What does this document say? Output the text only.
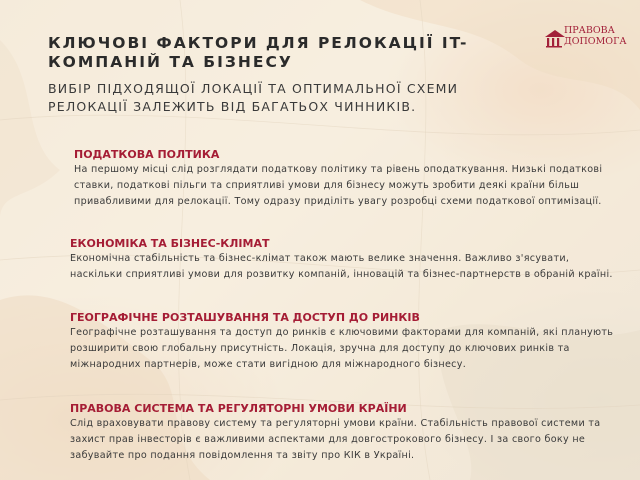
КЛЮЧОВІ ФАКТОРИ ДЛЯ РЕЛОКАЦІЇ IT-КОМПАНІЙ ТА БІЗНЕСУ

ВИБІР ПІДХОДЯЩОЇ ЛОКАЦІЇ ТА ОПТИМАЛЬНОЇ СХЕМИ РЕЛОКАЦІЇ ЗАЛЕЖИТЬ ВІД БАГАТЬОХ ЧИННИКІВ.

ПРАВОВА
ДОПОМОГА
ПОДАТКОВА ПОЛТИКА

На першому місці слід розглядати податкову політику та рівень оподаткування. Низькі податкові ставки, податкові пільги та сприятливі умови для бізнесу можуть зробити деякі країни більш привабливими для релокації. Тому одразу приділіть увагу розробці схеми податкової оптимізації.

ЕКОНОМІКА ТА БІЗНЕС-КЛІМАТ

Економічна стабільність та бізнес-клімат також мають велике значення. Важливо з'ясувати, наскільки сприятливі умови для розвитку компаній, інновацій та бізнес-партнерств в обраній країні.

ГЕОГРАФІЧНЕ РОЗТАШУВАННЯ ТА ДОСТУП ДО РИНКІВ

Географічне розташування та доступ до ринків є ключовими факторами для компаній, які планують розширити свою глобальну присутність. Локація, зручна для доступу до ключових ринків та міжнародних партнерів, може стати вигідною для міжнародного бізнесу.

ПРАВОВА СИСТЕМА ТА РЕГУЛЯТОРНІ УМОВИ КРАЇНИ

Слід враховувати правову систему та регуляторні умови країни. Стабільність правової системи та захист прав інвесторів є важливими аспектами для довгострокового бізнесу. І за свого боку не забувайте про подання повідомлення та звіту про КІК в Україні.
